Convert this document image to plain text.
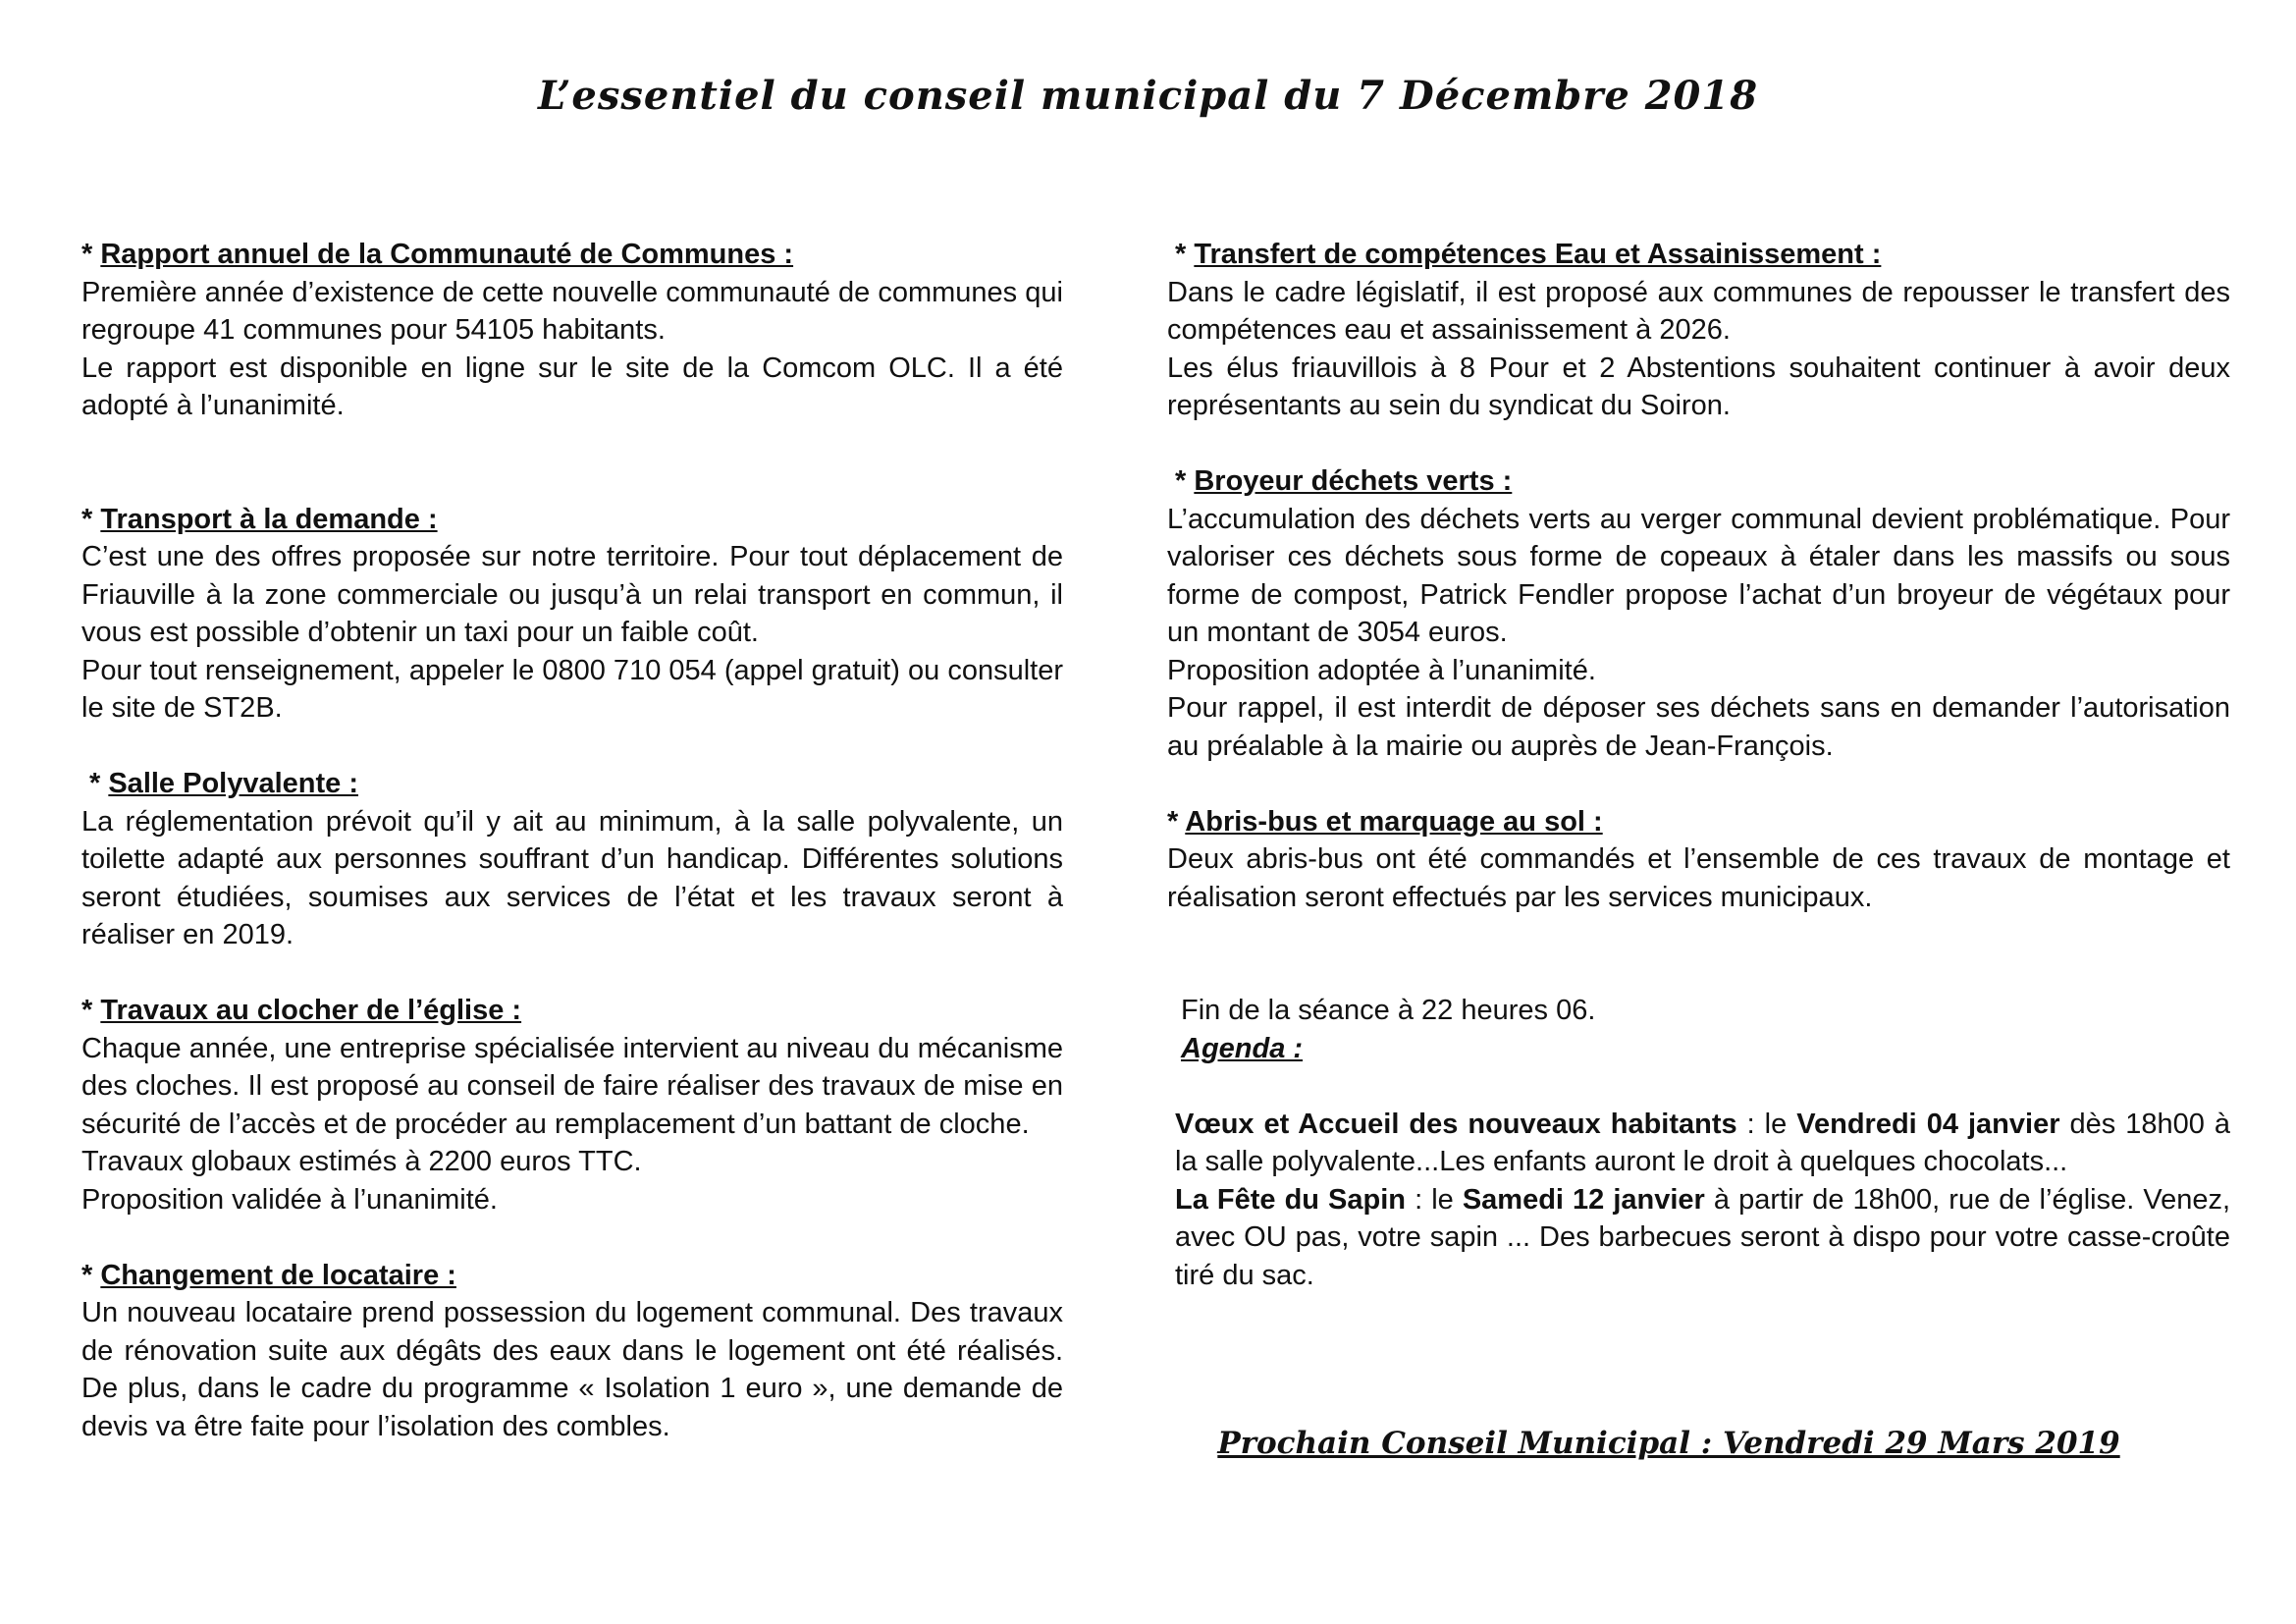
L’essentiel du conseil municipal du 7 Décembre 2018
* Rapport annuel de la Communauté de Communes :

Première année d’existence de cette nouvelle communauté de communes qui regroupe 41 communes pour 54105 habitants.

Le rapport est disponible en ligne sur le site de la Comcom OLC. Il a été adopté à l’unanimité.

* Transport à la demande :

C’est une des offres proposée sur notre territoire. Pour tout déplacement de Friauville à la zone commerciale ou jusqu’à un relai transport en commun, il vous est possible d’obtenir un taxi pour un faible coût.

Pour tout renseignement, appeler le 0800 710 054 (appel gratuit) ou consulter le site de ST2B.

* Salle Polyvalente :

La réglementation prévoit qu’il y ait au minimum, à la salle polyvalente, un toilette adapté aux personnes souffrant d’un handicap. Différentes solutions seront étudiées, soumises aux services de l’état et les travaux seront à réaliser en 2019.

* Travaux au clocher de l’église :

Chaque année, une entreprise spécialisée intervient au niveau du mécanisme des cloches. Il est proposé au conseil de faire réaliser des travaux de mise en sécurité de l’accès et de procéder au remplacement d’un battant de cloche.

Travaux globaux estimés à 2200 euros TTC.

Proposition validée à l’unanimité.

* Changement de locataire :

Un nouveau locataire prend possession du logement communal. Des travaux de rénovation suite aux dégâts des eaux dans le logement ont été réalisés. De plus, dans le cadre du programme « Isolation 1 euro », une demande de devis va être faite pour l’isolation des combles.

* Transfert de compétences Eau et Assainissement :

Dans le cadre législatif, il est proposé aux communes de repousser le transfert des compétences eau et assainissement à 2026.

Les élus friauvillois à 8 Pour et 2 Abstentions souhaitent continuer à avoir deux représentants au sein du syndicat du Soiron.

* Broyeur déchets verts :

L’accumulation des déchets verts au verger communal devient problématique. Pour valoriser ces déchets sous forme de copeaux à étaler dans les massifs ou sous forme de compost, Patrick Fendler propose l’achat d’un broyeur de végétaux pour un montant de 3054 euros.

Proposition adoptée à l’unanimité.

Pour rappel, il est interdit de déposer ses déchets sans en demander l’autorisation au préalable à la mairie ou auprès de Jean-François.

* Abris-bus et marquage au sol :

Deux abris-bus ont été commandés et l’ensemble de ces travaux de montage et réalisation seront effectués par les services municipaux.

Fin de la séance à 22 heures 06.

Agenda :

Vœux et Accueil des nouveaux habitants : le Vendredi 04 janvier dès 18h00 à la salle polyvalente...Les enfants auront le droit à quelques chocolats...

La Fête du Sapin : le Samedi 12 janvier à partir de 18h00, rue de l’église. Venez, avec OU pas, votre sapin ... Des barbecues seront à dispo pour votre casse-croûte tiré du sac.

Prochain Conseil Municipal : Vendredi 29 Mars 2019
